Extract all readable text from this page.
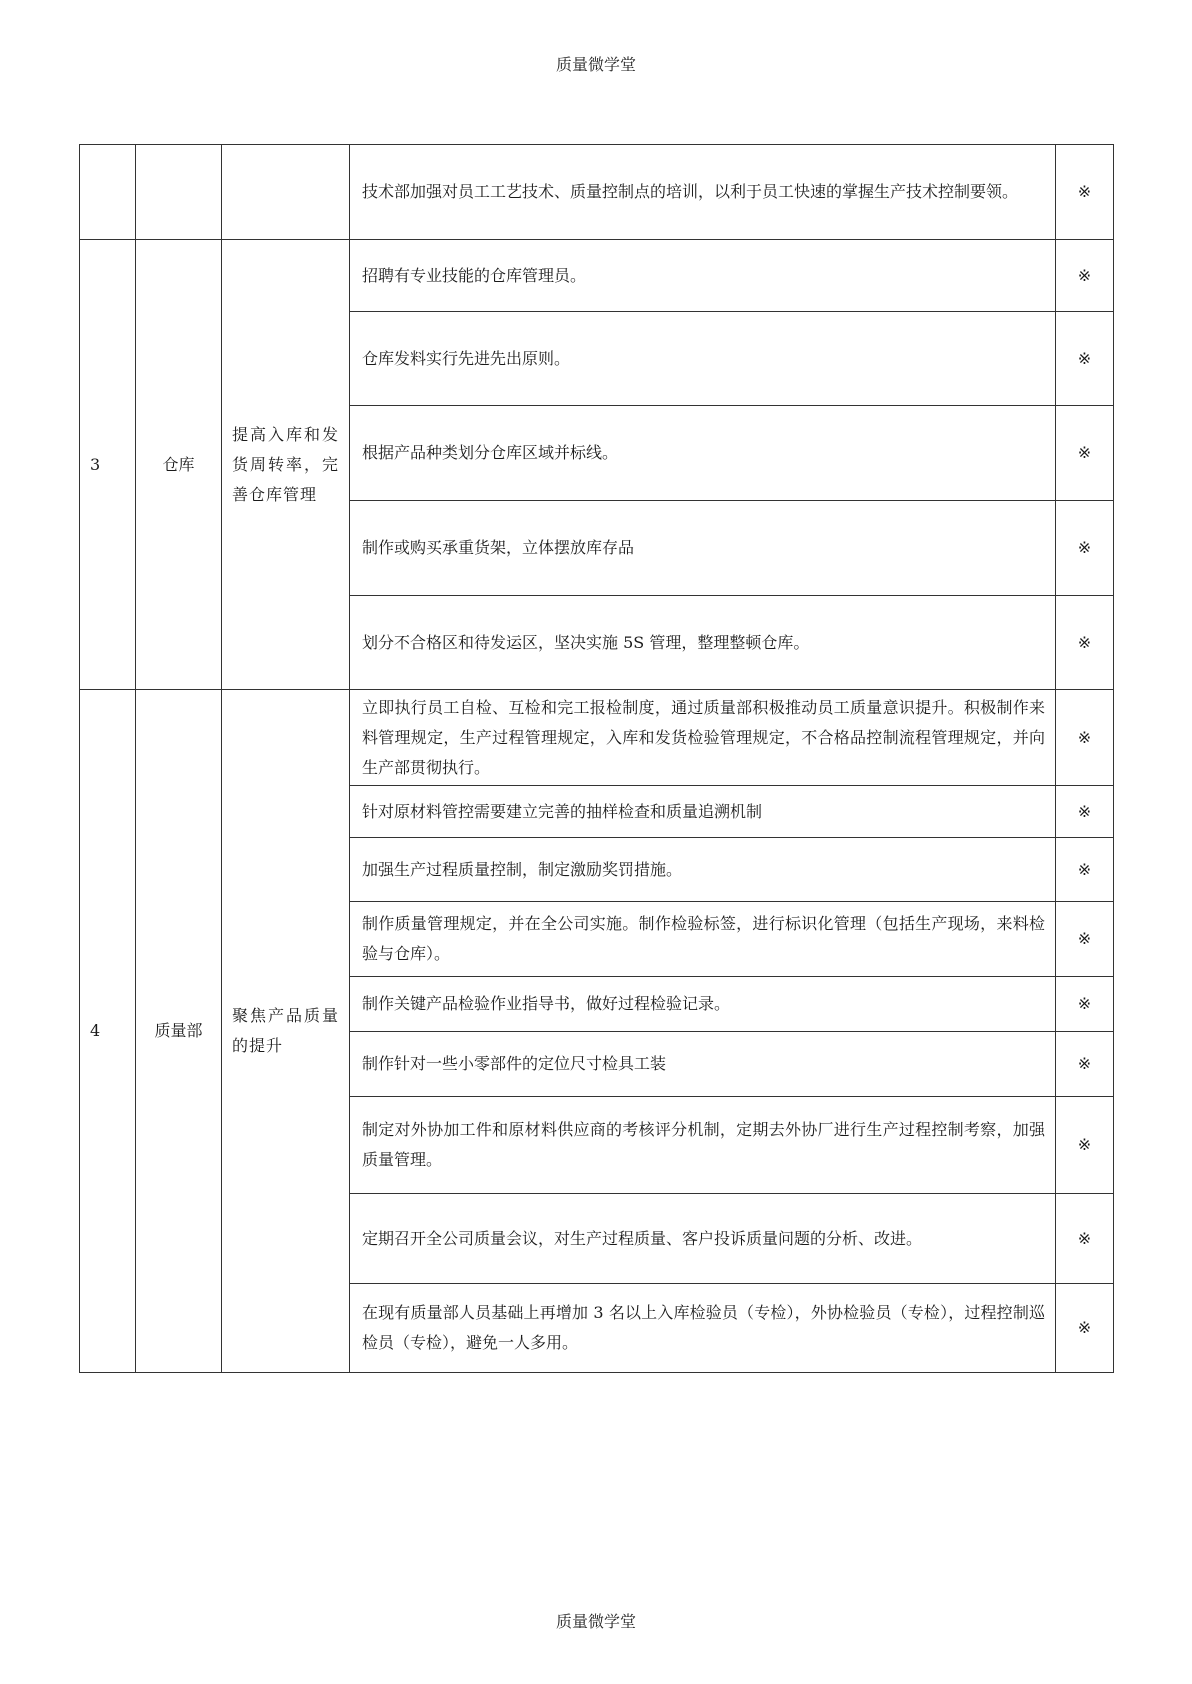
质量微学堂
			技术部加强对员工工艺技术、质量控制点的培训，以利于员工快速的掌握生产技术控制要领。	※
3	仓库	提高入库和发货周转率，完善仓库管理	招聘有专业技能的仓库管理员。	※
			仓库发料实行先进先出原则。	※
			根据产品种类划分仓库区域并标线。	※
			制作或购买承重货架，立体摆放库存品	※
			划分不合格区和待发运区，坚决实施 5S 管理，整理整顿仓库。	※
4	质量部	聚焦产品质量的提升	立即执行员工自检、互检和完工报检制度，通过质量部积极推动员工质量意识提升。积极制作来料管理规定，生产过程管理规定，入库和发货检验管理规定，不合格品控制流程管理规定，并向生产部贯彻执行。	※
			针对原材料管控需要建立完善的抽样检查和质量追溯机制	※
			加强生产过程质量控制，制定激励奖罚措施。	※
			制作质量管理规定，并在全公司实施。制作检验标签，进行标识化管理（包括生产现场，来料检验与仓库）。	※
			制作关键产品检验作业指导书，做好过程检验记录。	※
			制作针对一些小零部件的定位尺寸检具工装	※
			制定对外协加工件和原材料供应商的考核评分机制，定期去外协厂进行生产过程控制考察，加强质量管理。	※
			定期召开全公司质量会议，对生产过程质量、客户投诉质量问题的分析、改进。	※
			在现有质量部人员基础上再增加 3 名以上入库检验员（专检），外协检验员（专检），过程控制巡检员（专检），避免一人多用。	※
质量微学堂
